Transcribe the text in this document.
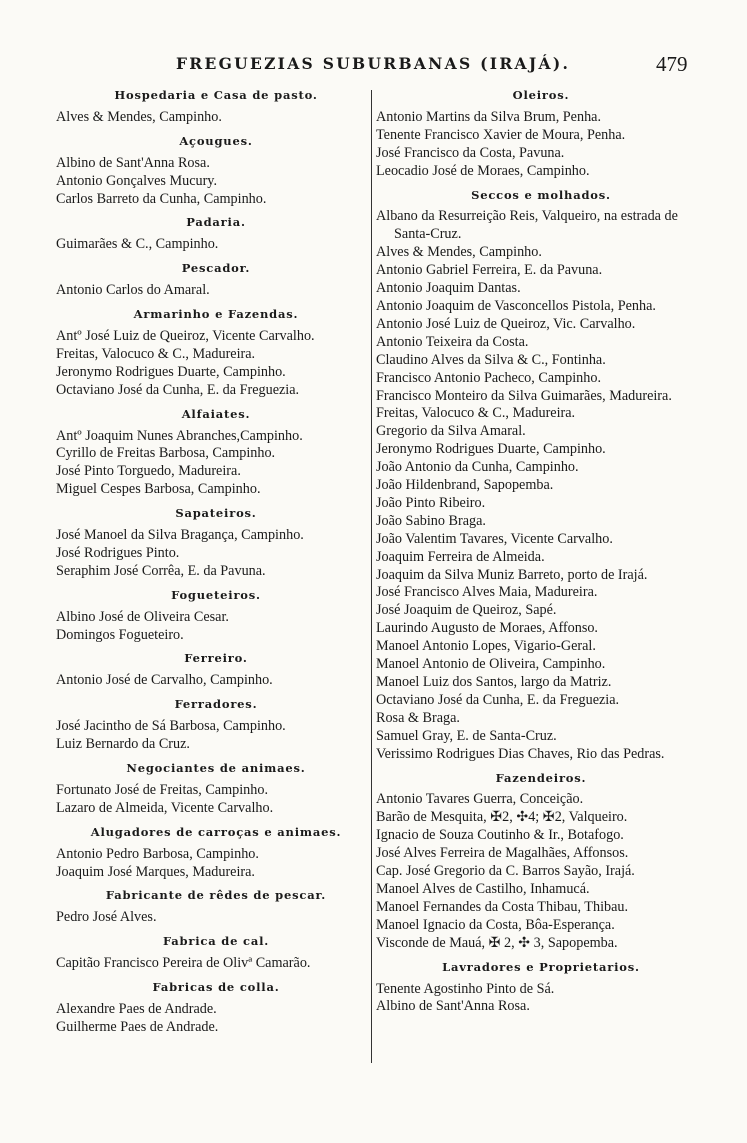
FREGUEZIAS SUBURBANAS (IRAJÁ).	479
Hospedaria e Casa de pasto.
Alves & Mendes, Campinho.
Açougues.
Albino de Sant'Anna Rosa.
Antonio Gonçalves Mucury.
Carlos Barreto da Cunha, Campinho.
Padaria.
Guimarães & C., Campinho.
Pescador.
Antonio Carlos do Amaral.
Armarinho e Fazendas.
Antº José Luiz de Queiroz, Vicente Carvalho.
Freitas, Valocuco & C., Madureira.
Jeronymo Rodrigues Duarte, Campinho.
Octaviano José da Cunha, E. da Freguezia.
Alfaiates.
Antº Joaquim Nunes Abranches,Campinho.
Cyrillo de Freitas Barbosa, Campinho.
José Pinto Torguedo, Madureira.
Miguel Cespes Barbosa, Campinho.
Sapateiros.
José Manoel da Silva Bragança, Campinho.
José Rodrigues Pinto.
Seraphim José Corrêa, E. da Pavuna.
Fogueteiros.
Albino José de Oliveira Cesar.
Domingos Fogueteiro.
Ferreiro.
Antonio José de Carvalho, Campinho.
Ferradores.
José Jacintho de Sá Barbosa, Campinho.
Luiz Bernardo da Cruz.
Negociantes de animaes.
Fortunato José de Freitas, Campinho.
Lazaro de Almeida, Vicente Carvalho.
Alugadores de carroças e animaes.
Antonio Pedro Barbosa, Campinho.
Joaquim José Marques, Madureira.
Fabricante de rêdes de pescar.
Pedro José Alves.
Fabrica de cal.
Capitão Francisco Pereira de Olivª Camarão.
Fabricas de colla.
Alexandre Paes de Andrade.
Guilherme Paes de Andrade.
Oleiros.
Antonio Martins da Silva Brum, Penha.
Tenente Francisco Xavier de Moura, Penha.
José Francisco da Costa, Pavuna.
Leocadio José de Moraes, Campinho.
Seccos e molhados.
Albano da Resurreição Reis, Valqueiro, na estrada de Santa-Cruz.
Alves & Mendes, Campinho.
Antonio Gabriel Ferreira, E. da Pavuna.
Antonio Joaquim Dantas.
Antonio Joaquim de Vasconcellos Pistola, Penha.
Antonio José Luiz de Queiroz, Vic. Carvalho.
Antonio Teixeira da Costa.
Claudino Alves da Silva & C., Fontinha.
Francisco Antonio Pacheco, Campinho.
Francisco Monteiro da Silva Guimarães, Madureira.
Freitas, Valocuco & C., Madureira.
Gregorio da Silva Amaral.
Jeronymo Rodrigues Duarte, Campinho.
João Antonio da Cunha, Campinho.
João Hildenbrand, Sapopemba.
João Pinto Ribeiro.
João Sabino Braga.
João Valentim Tavares, Vicente Carvalho.
Joaquim Ferreira de Almeida.
Joaquim da Silva Muniz Barreto, porto de Irajá.
José Francisco Alves Maia, Madureira.
José Joaquim de Queiroz, Sapé.
Laurindo Augusto de Moraes, Affonso.
Manoel Antonio Lopes, Vigario-Geral.
Manoel Antonio de Oliveira, Campinho.
Manoel Luiz dos Santos, largo da Matriz.
Octaviano José da Cunha, E. da Freguezia.
Rosa & Braga.
Samuel Gray, E. de Santa-Cruz.
Verissimo Rodrigues Dias Chaves, Rio das Pedras.
Fazendeiros.
Antonio Tavares Guerra, Conceição.
Barão de Mesquita, ✠2, ✣4; ✠2, Valqueiro.
Ignacio de Souza Coutinho & Ir., Botafogo.
José Alves Ferreira de Magalhães, Affonsos.
Cap. José Gregorio da C. Barros Sayão, Irajá.
Manoel Alves de Castilho, Inhamucá.
Manoel Fernandes da Costa Thibau, Thibau.
Manoel Ignacio da Costa, Bôa-Esperança.
Visconde de Mauá, ✠ 2, ✣ 3, Sapopemba.
Lavradores e Proprietarios.
Tenente Agostinho Pinto de Sá.
Albino de Sant'Anna Rosa.
